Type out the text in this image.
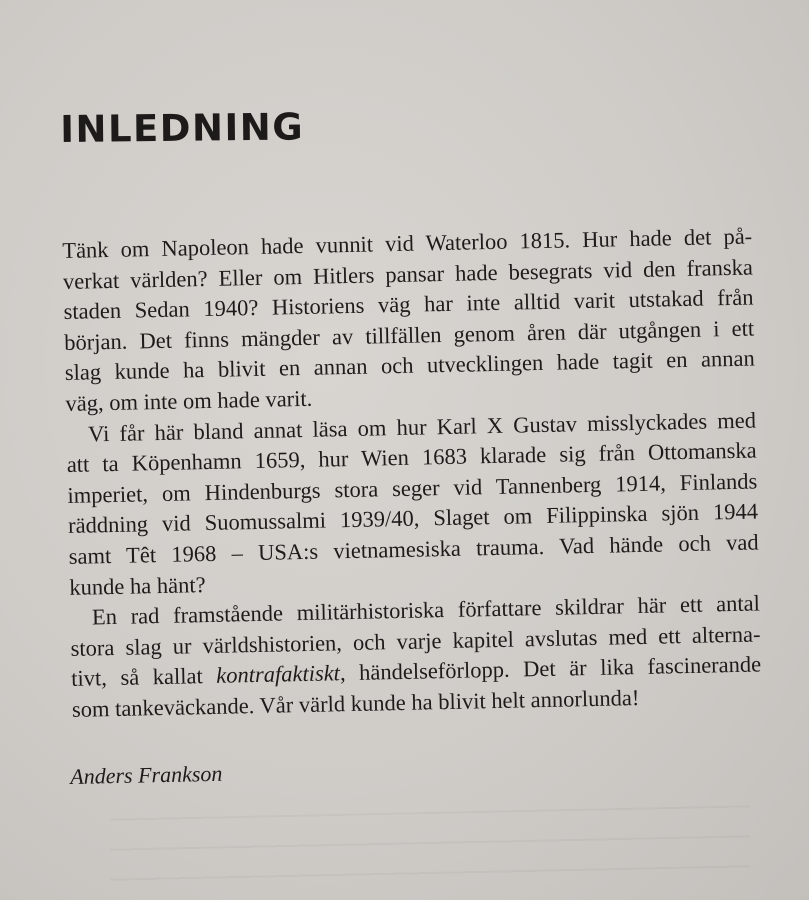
INLEDNING

Tänk om Napoleon hade vunnit vid Waterloo 1815. Hur hade det på-
verkat världen? Eller om Hitlers pansar hade besegrats vid den franska
staden Sedan 1940? Historiens väg har inte alltid varit utstakad från
början. Det finns mängder av tillfällen genom åren där utgången i ett
slag kunde ha blivit en annan och utvecklingen hade tagit en annan
väg, om inte om hade varit.

Vi får här bland annat läsa om hur Karl X Gustav misslyckades med
att ta Köpenhamn 1659, hur Wien 1683 klarade sig från Ottomanska
imperiet, om Hindenburgs stora seger vid Tannenberg 1914, Finlands
räddning vid Suomussalmi 1939/40, Slaget om Filippinska sjön 1944
samt Têt 1968 – USA:s vietnamesiska trauma. Vad hände och vad
kunde ha hänt?

En rad framstående militärhistoriska författare skildrar här ett antal
stora slag ur världshistorien, och varje kapitel avslutas med ett alterna-
tivt, så kallat kontrafaktiskt, händelseförlopp. Det är lika fascinerande
som tankeväckande. Vår värld kunde ha blivit helt annorlunda!

Anders Frankson
